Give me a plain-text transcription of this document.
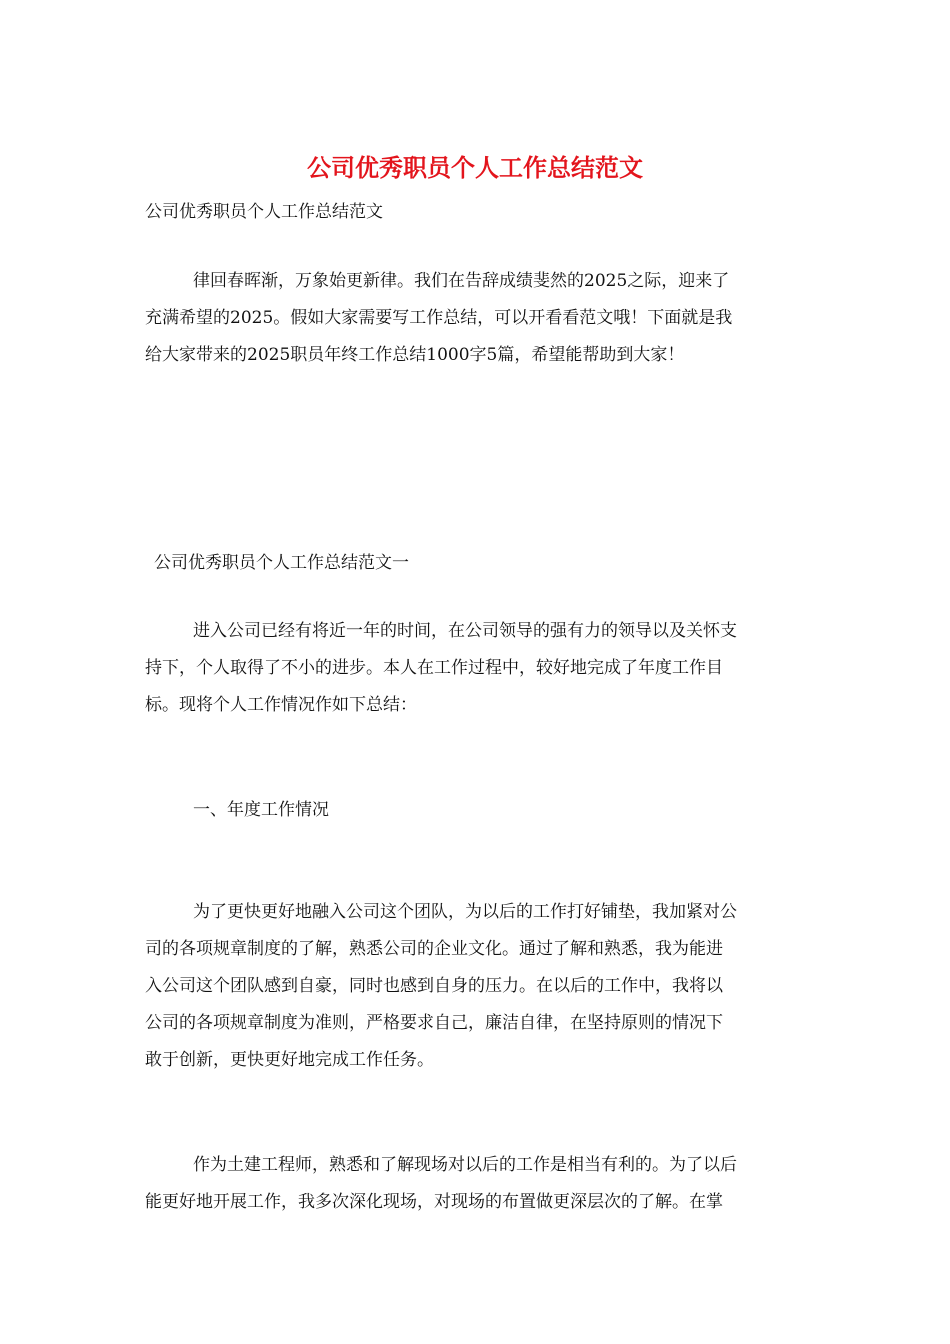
公司优秀职员个人工作总结范文
公司优秀职员个人工作总结范文
律回春晖渐，万象始更新律。我们在告辞成绩斐然的2025之际，迎来了
充满希望的2025。假如大家需要写工作总结，可以开看看范文哦！下面就是我
给大家带来的2025职员年终工作总结1000字5篇，希望能帮助到大家！
公司优秀职员个人工作总结范文一
进入公司已经有将近一年的时间，在公司领导的强有力的领导以及关怀支
持下，个人取得了不小的进步。本人在工作过程中，较好地完成了年度工作目
标。现将个人工作情况作如下总结：
一、年度工作情况
为了更快更好地融入公司这个团队，为以后的工作打好铺垫，我加紧对公
司的各项规章制度的了解，熟悉公司的企业文化。通过了解和熟悉，我为能进
入公司这个团队感到自豪，同时也感到自身的压力。在以后的工作中，我将以
公司的各项规章制度为准则，严格要求自己，廉洁自律，在坚持原则的情况下
敢于创新，更快更好地完成工作任务。
作为土建工程师，熟悉和了解现场对以后的工作是相当有利的。为了以后
能更好地开展工作，我多次深化现场，对现场的布置做更深层次的了解。在掌
